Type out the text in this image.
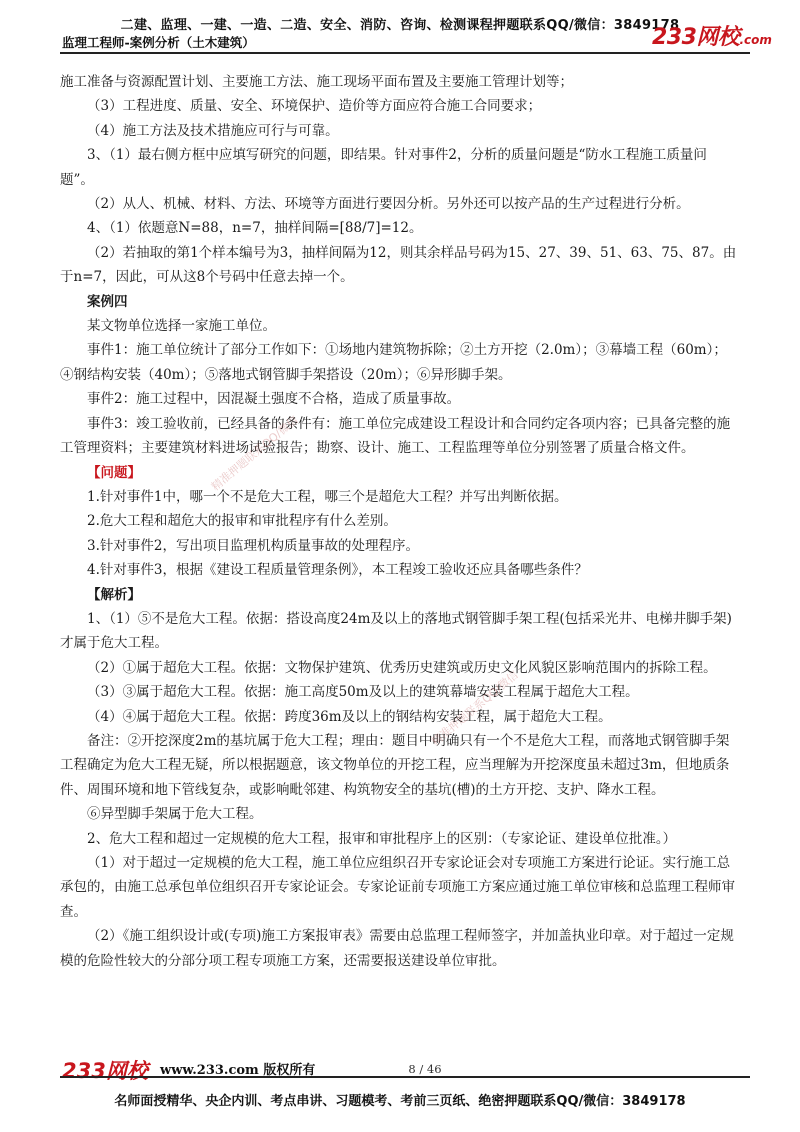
二建、监理、一建、一造、二造、安全、消防、咨询、检测课程押题联系QQ/微信：3849178
监理工程师-案例分析（土木建筑）	233网校.com

施工准备与资源配置计划、主要施工方法、施工现场平面布置及主要施工管理计划等；

（3）工程进度、质量、安全、环境保护、造价等方面应符合施工合同要求；

（4）施工方法及技术措施应可行与可靠。

3、（1）最右侧方框中应填写研究的问题，即结果。针对事件2，分析的质量问题是“防水工程施工质量问题”。

（2）从人、机械、材料、方法、环境等方面进行要因分析。另外还可以按产品的生产过程进行分析。

4、（1）依题意N=88，n=7，抽样间隔=[88/7]=12。

（2）若抽取的第1个样本编号为3，抽样间隔为12，则其余样品号码为15、27、39、51、63、75、87。由于n=7，因此，可从这8个号码中任意去掉一个。

案例四

某文物单位选择一家施工单位。

事件1：施工单位统计了部分工作如下：①场地内建筑物拆除；②土方开挖（2.0m）；③幕墙工程（60m）；④钢结构安装（40m）；⑤落地式钢管脚手架搭设（20m）；⑥异形脚手架。

事件2：施工过程中，因混凝土强度不合格，造成了质量事故。

事件3：竣工验收前，已经具备的条件有：施工单位完成建设工程设计和合同约定各项内容；已具备完整的施工管理资料；主要建筑材料进场试验报告；勘察、设计、施工、工程监理等单位分别签署了质量合格文件。

【问题】

1.针对事件1中，哪一个不是危大工程，哪三个是超危大工程？并写出判断依据。

2.危大工程和超危大的报审和审批程序有什么差别。

3.针对事件2，写出项目监理机构质量事故的处理程序。

4.针对事件3，根据《建设工程质量管理条例》，本工程竣工验收还应具备哪些条件？

【解析】

1、（1）⑤不是危大工程。依据：搭设高度24m及以上的落地式钢管脚手架工程(包括采光井、电梯井脚手架)才属于危大工程。

（2）①属于超危大工程。依据：文物保护建筑、优秀历史建筑或历史文化风貌区影响范围内的拆除工程。

（3）③属于超危大工程。依据：施工高度50m及以上的建筑幕墙安装工程属于超危大工程。

（4）④属于超危大工程。依据：跨度36m及以上的钢结构安装工程，属于超危大工程。

备注：②开挖深度2m的基坑属于危大工程；理由：题目中明确只有一个不是危大工程，而落地式钢管脚手架工程确定为危大工程无疑，所以根据题意，该文物单位的开挖工程，应当理解为开挖深度虽未超过3m，但地质条件、周围环境和地下管线复杂，或影响毗邻建、构筑物安全的基坑(槽)的土方开挖、支护、降水工程。

⑥异型脚手架属于危大工程。

2、危大工程和超过一定规模的危大工程，报审和审批程序上的区别：（专家论证、建设单位批准。）

（1）对于超过一定规模的危大工程，施工单位应组织召开专家论证会对专项施工方案进行论证。实行施工总承包的，由施工总承包单位组织召开专家论证会。专家论证前专项施工方案应通过施工单位审核和总监理工程师审查。

（2）《施工组织设计或(专项)施工方案报审表》需要由总监理工程师签字，并加盖执业印章。对于超过一定规模的危险性较大的分部分项工程专项施工方案，还需要报送建设单位审批。

精准押题联系QQ/微信
精准押题联系QQ/微信
233网校 www.233.com 版权所有	8 / 46
名师面授精华、央企内训、考点串讲、习题模考、考前三页纸、绝密押题联系QQ/微信：3849178
